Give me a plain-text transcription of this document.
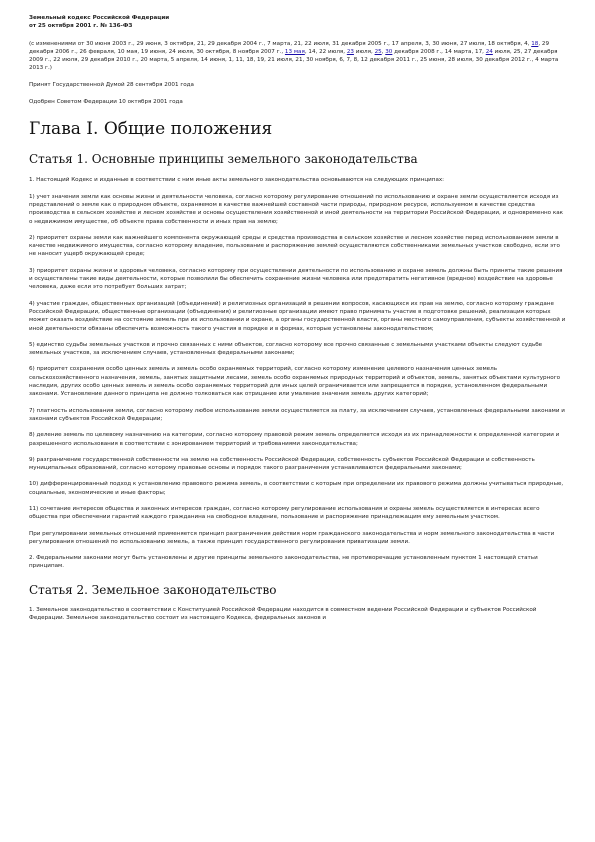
Земельный кодекс Российской Федерации

от 25 октября 2001 г. № 136-ФЗ

(с изменениями от 30 июня 2003 г., 29 июня, 3 октября, 21, 29 декабря 2004 г., 7 марта, 21, 22 июля, 31 декабря 2005 г., 17 апреля, 3, 30 июня, 27 июля, 18 октября, 4, 18, 29 декабря 2006 г., 26 февраля, 10 мая, 19 июня, 24 июля, 30 октября, 8 ноября 2007 г., 13 мая, 14, 22 июля, 23 июля, 25, 30 декабря 2008 г., 14 марта, 17, 24 июля, 25, 27 декабря 2009 г., 22 июля, 29 декабря 2010 г., 20 марта, 5 апреля, 14 июня, 1, 11, 18, 19, 21 июля, 21, 30 ноября, 6, 7, 8, 12 декабря 2011 г., 25 июня, 28 июля, 30 декабря 2012 г., 4 марта 2013 г.)

Принят Государственной Думой 28 сентября 2001 года

Одобрен Советом Федерации 10 октября 2001 года

Глава I. Общие положения
Статья 1. Основные принципы земельного законодательства

1. Настоящий Кодекс и изданные в соответствии с ним иные акты земельного законодательства основываются на следующих принципах:

1) учет значения земли как основы жизни и деятельности человека, согласно которому регулирование отношений по использованию и охране земли осуществляется исходя из представлений о земле как о природном объекте, охраняемом в качестве важнейшей составной части природы, природном ресурсе, используемом в качестве средства производства в сельском хозяйстве и лесном хозяйстве и основы осуществления хозяйственной и иной деятельности на территории Российской Федерации, и одновременно как о недвижимом имуществе, об объекте права собственности и иных прав на землю;

2) приоритет охраны земли как важнейшего компонента окружающей среды и средства производства в сельском хозяйстве и лесном хозяйстве перед использованием земли в качестве недвижимого имущества, согласно которому владение, пользование и распоряжение землей осуществляются собственниками земельных участков свободно, если это не наносит ущерб окружающей среде;

3) приоритет охраны жизни и здоровья человека, согласно которому при осуществлении деятельности по использованию и охране земель должны быть приняты такие решения и осуществлены такие виды деятельности, которые позволили бы обеспечить сохранение жизни человека или предотвратить негативное (вредное) воздействие на здоровье человека, даже если это потребует больших затрат;

4) участие граждан, общественных организаций (объединений) и религиозных организаций в решении вопросов, касающихся их прав на землю, согласно которому граждане Российской Федерации, общественные организации (объединения) и религиозные организации имеют право принимать участие в подготовке решений, реализация которых может оказать воздействие на состояние земель при их использовании и охране, а органы государственной власти, органы местного самоуправления, субъекты хозяйственной и иной деятельности обязаны обеспечить возможность такого участия в порядке и в формах, которые установлены законодательством;

5) единство судьбы земельных участков и прочно связанных с ними объектов, согласно которому все прочно связанные с земельными участками объекты следуют судьбе земельных участков, за исключением случаев, установленных федеральными законами;

6) приоритет сохранения особо ценных земель и земель особо охраняемых территорий, согласно которому изменение целевого назначения ценных земель сельскохозяйственного назначения, земель, занятых защитными лесами, земель особо охраняемых природных территорий и объектов, земель, занятых объектами культурного наследия, других особо ценных земель и земель особо охраняемых территорий для иных целей ограничивается или запрещается в порядке, установленном федеральными законами. Установление данного принципа не должно толковаться как отрицание или умаление значения земель других категорий;

7) платность использования земли, согласно которому любое использование земли осуществляется за плату, за исключением случаев, установленных федеральными законами и законами субъектов Российской Федерации;

8) деление земель по целевому назначению на категории, согласно которому правовой режим земель определяется исходя из их принадлежности к определенной категории и разрешенного использования в соответствии с зонированием территорий и требованиями законодательства;

9) разграничение государственной собственности на землю на собственность Российской Федерации, собственность субъектов Российской Федерации и собственность муниципальных образований, согласно которому правовые основы и порядок такого разграничения устанавливаются федеральными законами;

10) дифференцированный подход к установлению правового режима земель, в соответствии с которым при определении их правового режима должны учитываться природные, социальные, экономические и иные факторы;

11) сочетание интересов общества и законных интересов граждан, согласно которому регулирование использования и охраны земель осуществляется в интересах всего общества при обеспечении гарантий каждого гражданина на свободное владение, пользование и распоряжение принадлежащим ему земельным участком.

При регулировании земельных отношений применяется принцип разграничения действия норм гражданского законодательства и норм земельного законодательства в части регулирования отношений по использованию земель, а также принцип государственного регулирования приватизации земли.

2. Федеральными законами могут быть установлены и другие принципы земельного законодательства, не противоречащие установленным пунктом 1 настоящей статьи принципам.

Статья 2. Земельное законодательство

1. Земельное законодательство в соответствии с Конституцией Российской Федерации находится в совместном ведении Российской Федерации и субъектов Российской Федерации. Земельное законодательство состоит из настоящего Кодекса, федеральных законов и
